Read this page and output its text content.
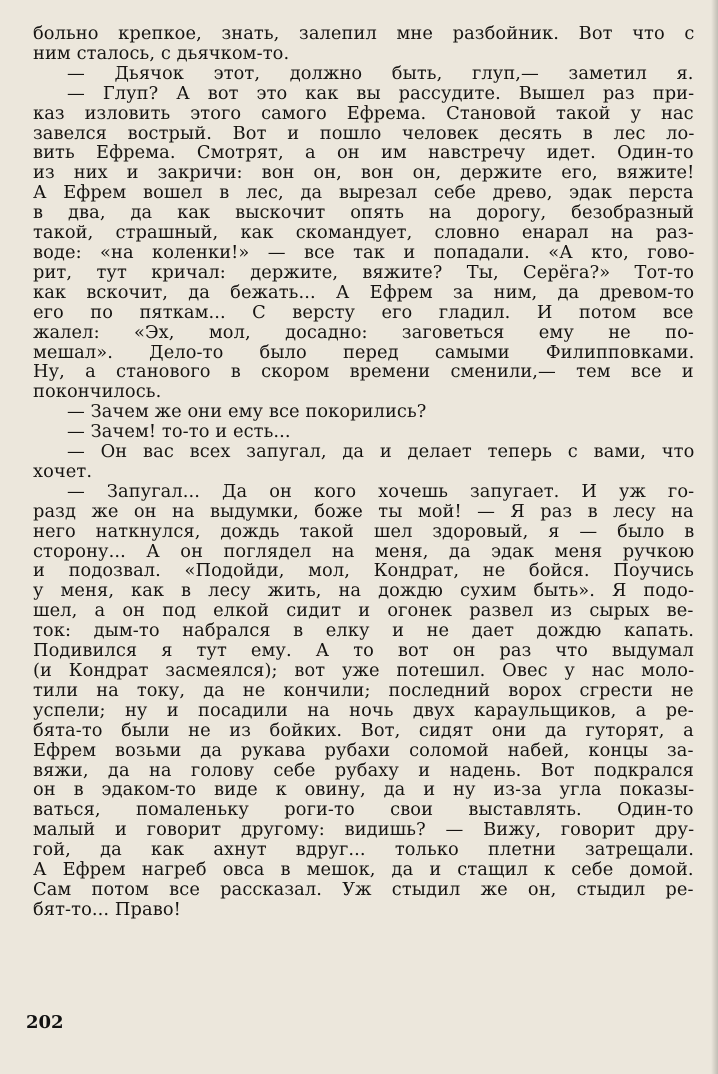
больно крепкое, знать, залепил мне разбойник. Вот что с
ним сталось, с дьячком-то.
— Дьячок этот, должно быть, глуп,— заметил я.
— Глуп? А вот это как вы рассудите. Вышел раз при-
каз изловить этого самого Ефрема. Становой такой у нас
завелся вострый. Вот и пошло человек десять в лес ло-
вить Ефрема. Смотрят, а он им навстречу идет. Один-то
из них и закричи: вон он, вон он, держите его, вяжите!
А Ефрем вошел в лес, да вырезал себе древо, эдак перста
в два, да как выскочит опять на дорогу, безобразный
такой, страшный, как скомандует, словно енарал на раз-
воде: «на коленки!» — все так и попадали. «А кто, гово-
рит, тут кричал: держите, вяжите? Ты, Серёга?» Тот-то
как вскочит, да бежать... А Ефрем за ним, да древом-то
его по пяткам... С версту его гладил. И потом все
жалел: «Эх, мол, досадно: заговеться ему не по-
мешал». Дело-то было перед самыми Филипповками.
Ну, а станового в скором времени сменили,— тем все и
покончилось.
— Зачем же они ему все покорились?
— Зачем! то-то и есть...
— Он вас всех запугал, да и делает теперь с вами, что
хочет.
— Запугал... Да он кого хочешь запугает. И уж го-
разд же он на выдумки, боже ты мой! — Я раз в лесу на
него наткнулся, дождь такой шел здоровый, я — было в
сторону... А он поглядел на меня, да эдак меня ручкою
и подозвал. «Подойди, мол, Кондрат, не бойся. Поучись
у меня, как в лесу жить, на дождю сухим быть». Я подо-
шел, а он под елкой сидит и огонек развел из сырых ве-
ток: дым-то набрался в елку и не дает дождю капать.
Подивился я тут ему. А то вот он раз что выдумал
(и Кондрат засмеялся); вот уже потешил. Овес у нас моло-
тили на току, да не кончили; последний ворох сгрести не
успели; ну и посадили на ночь двух караульщиков, а ре-
бята-то были не из бойких. Вот, сидят они да гуторят, а
Ефрем возьми да рукава рубахи соломой набей, концы за-
вяжи, да на голову себе рубаху и надень. Вот подкрался
он в эдаком-то виде к овину, да и ну из-за угла показы-
ваться, помаленьку роги-то свои выставлять. Один-то
малый и говорит другому: видишь? — Вижу, говорит дру-
гой, да как ахнут вдруг... только плетни затрещали.
А Ефрем нагреб овса в мешок, да и стащил к себе домой.
Сам потом все рассказал. Уж стыдил же он, стыдил ре-
бят-то... Право!
202
